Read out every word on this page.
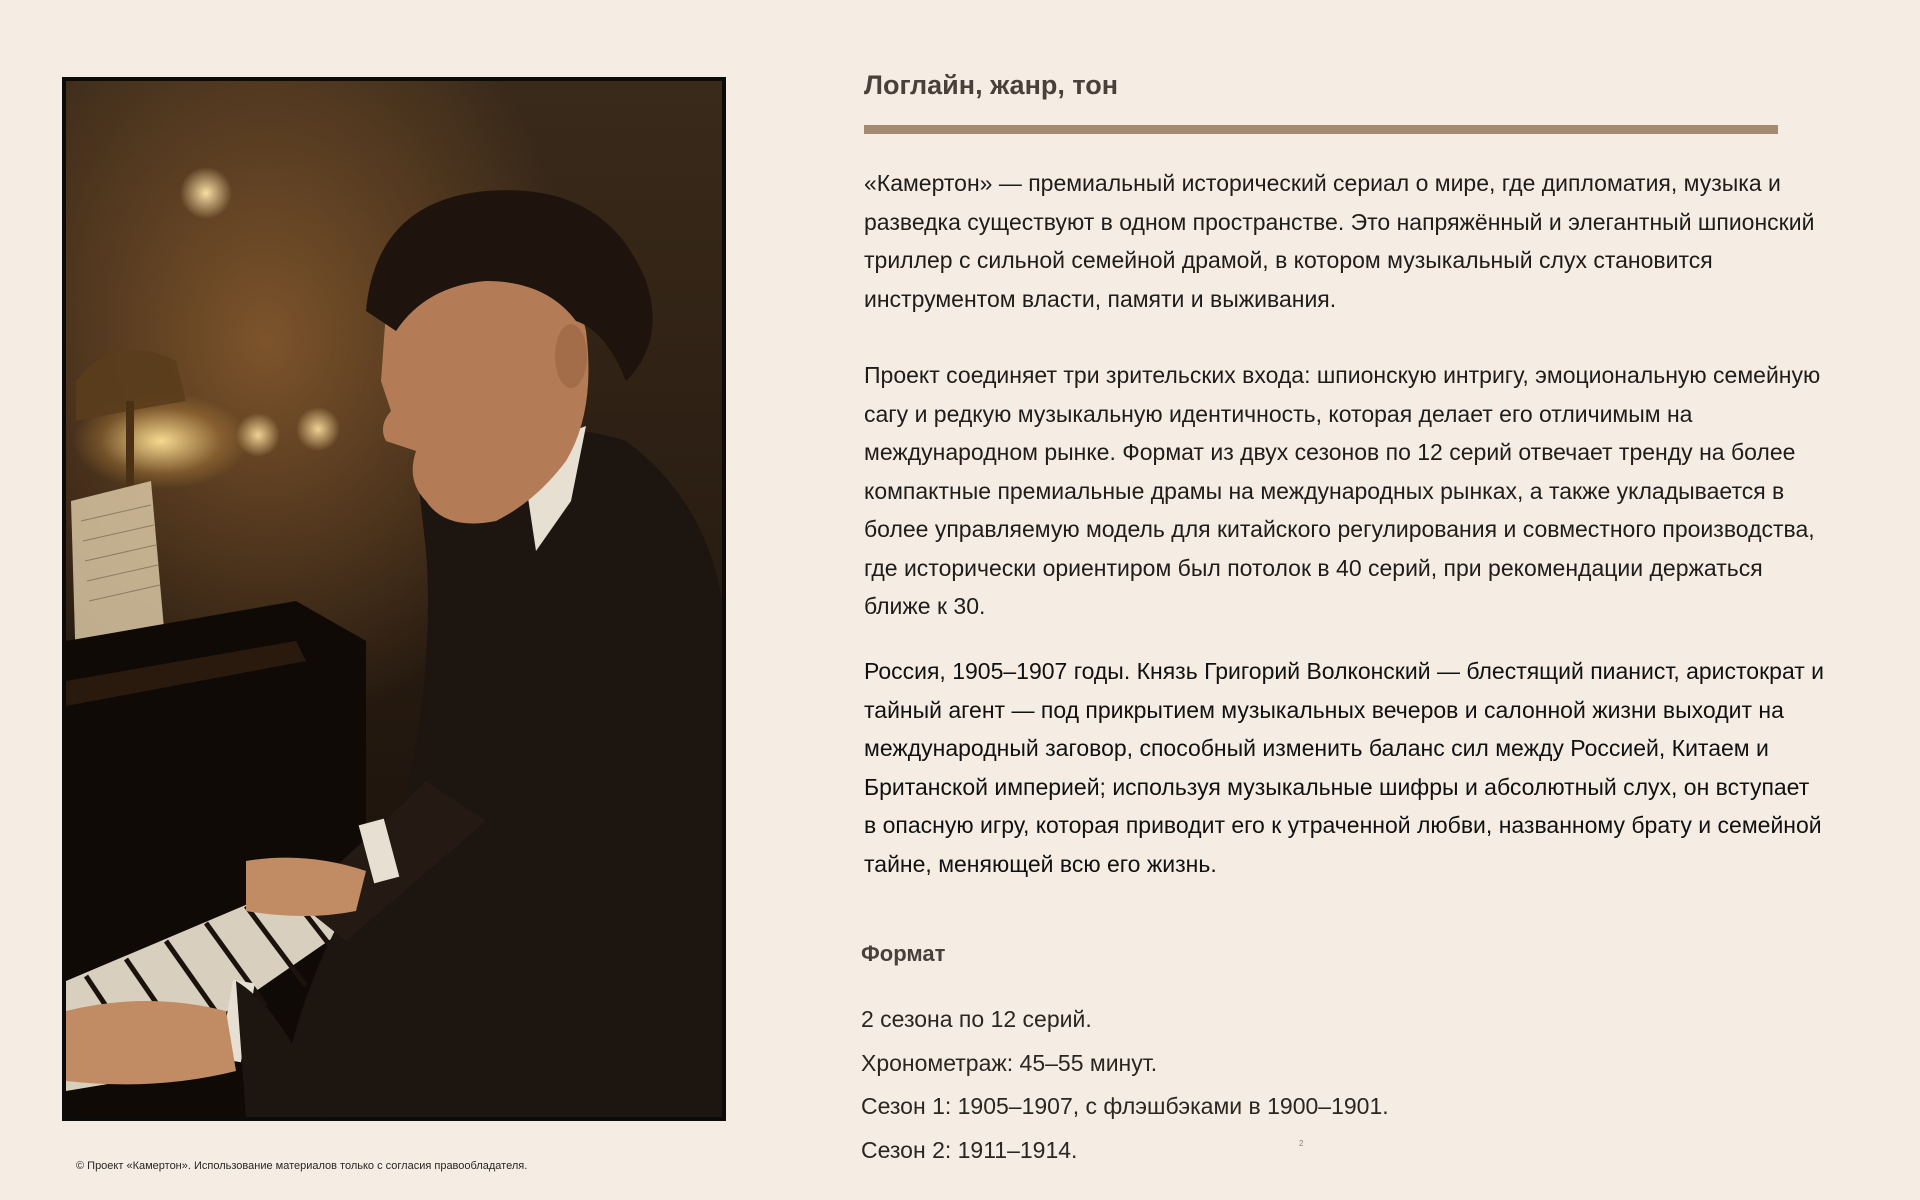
© Проект «Камертон». Использование материалов только с согласия правообладателя.
Логлайн, жанр, тон

«Камертон» — премиальный исторический сериал о мире, где дипломатия, музыка и разведка существуют в одном пространстве. Это напряжённый и элегантный шпионский триллер с сильной семейной драмой, в котором музыкальный слух становится инструментом власти, памяти и выживания.

Проект соединяет три зрительских входа: шпионскую интригу, эмоциональную семейную сагу и редкую музыкальную идентичность, которая делает его отличимым на международном рынке. Формат из двух сезонов по 12 серий отвечает тренду на более компактные премиальные драмы на международных рынках, а также укладывается в более управляемую модель для китайского регулирования и совместного производства, где исторически ориентиром был потолок в 40 серий, при рекомендации держаться ближе к 30.

Россия, 1905–1907 годы. Князь Григорий Волконский — блестящий пианист, аристократ и тайный агент — под прикрытием музыкальных вечеров и салонной жизни выходит на международный заговор, способный изменить баланс сил между Россией, Китаем и Британской империей; используя музыкальные шифры и абсолютный слух, он вступает в опасную игру, которая приводит его к утраченной любви, названному брату и семейной тайне, меняющей всю его жизнь.

Формат
2 сезона по 12 серий.
Хронометраж: 45–55 минут.
Сезон 1: 1905–1907, с флэшбэками в 1900–1901.
Сезон 2: 1911–1914.	2
